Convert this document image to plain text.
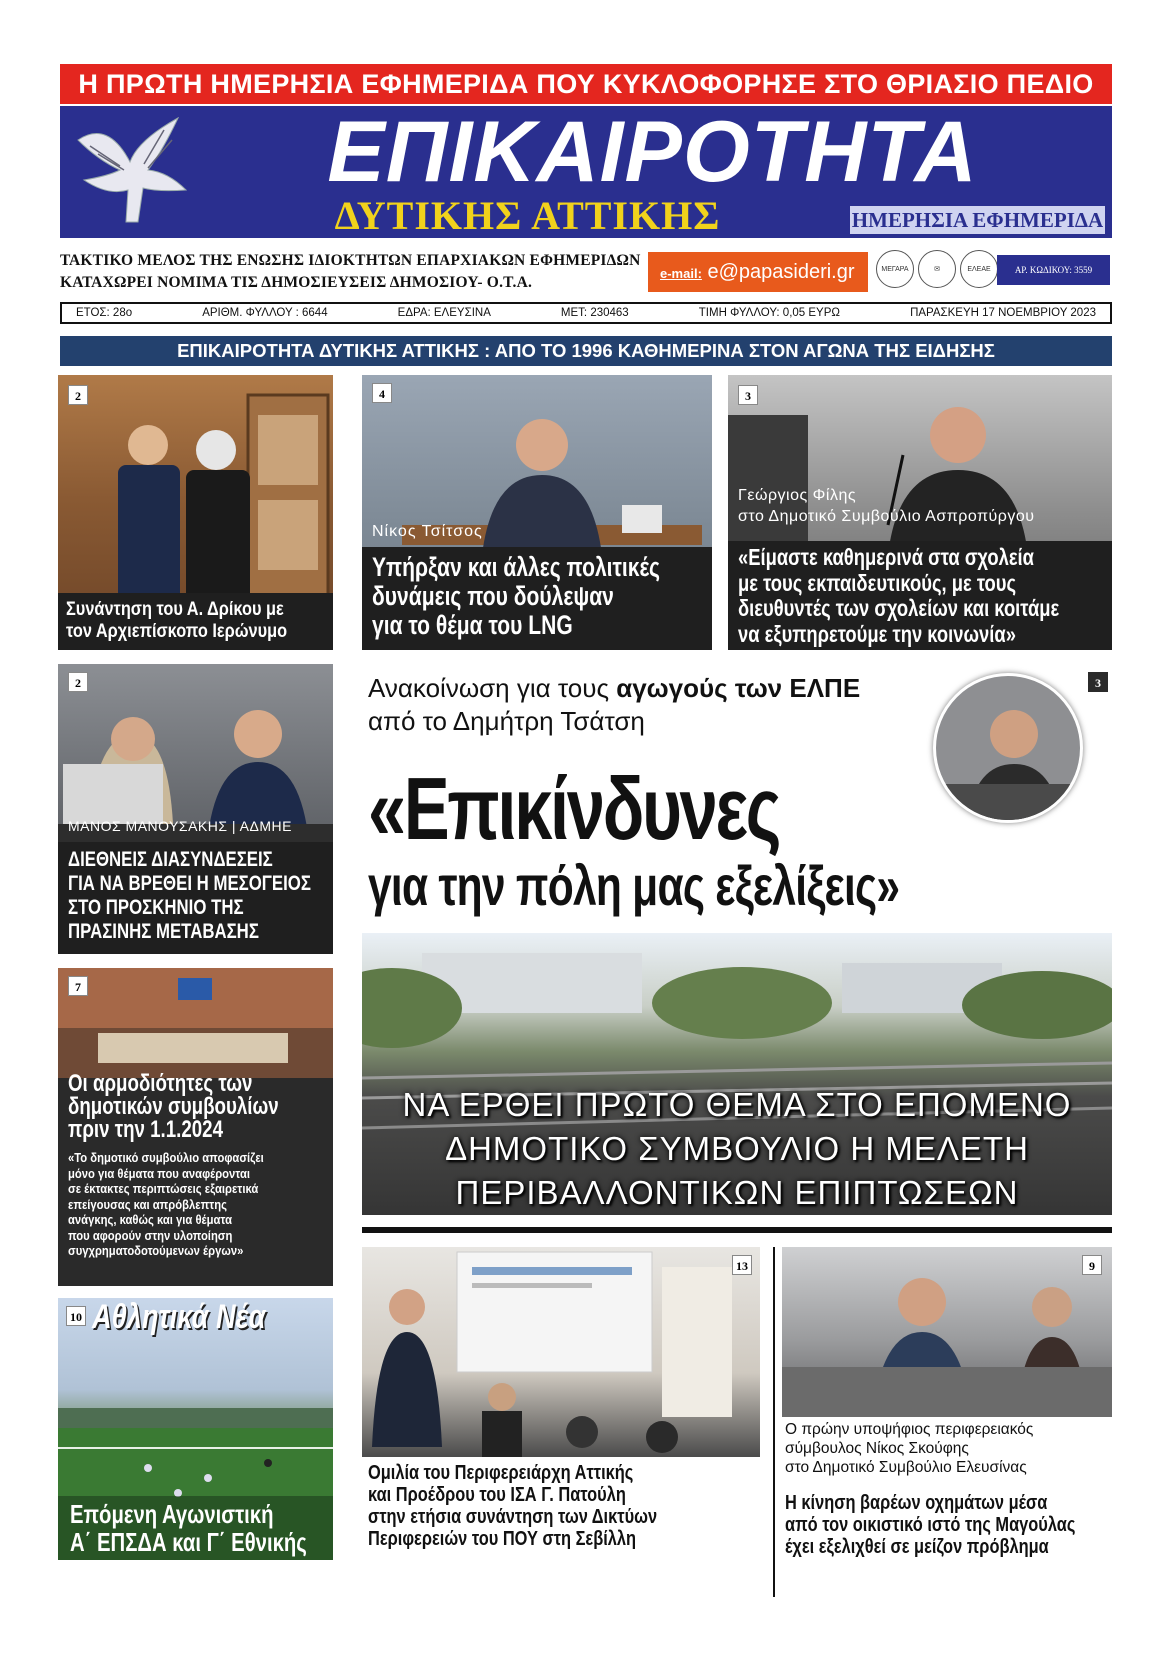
Η ΠΡΩΤΗ ΗΜΕΡΗΣΙΑ ΕΦΗΜΕΡΙΔΑ ΠΟΥ ΚΥΚΛΟΦΟΡΗΣΕ ΣΤΟ ΘΡΙΑΣΙΟ ΠΕΔΙΟ
ΕΠΙΚΑΙΡΟΤΗΤΑ
ΔΥΤΙΚΗΣ ΑΤΤΙΚΗΣ	ΗΜΕΡΗΣΙΑ ΕΦΗΜΕΡΙΔΑ
ΤΑΚΤΙΚΟ ΜΕΛΟΣ ΤΗΣ ΕΝΩΣΗΣ ΙΔΙΟΚΤΗΤΩΝ ΕΠΑΡΧΙΑΚΩΝ ΕΦΗΜΕΡΙΔΩΝ
ΚΑΤΑΧΩΡΕΙ ΝΟΜΙΜΑ ΤΙΣ ΔΗΜΟΣΙΕΥΣΕΙΣ ΔΗΜΟΣΙΟΥ- Ο.Τ.Α.
e-mail: e@papasideri.gr	ΜΕΓΑΡΑ	✉	ΕΛΕΑΕ	ΑΡ. ΚΩΔΙΚΟΥ: 3559
ΕΤΟΣ: 28ο	ΑΡΙΘΜ. ΦΥΛΛΟΥ : 6644	ΕΔΡΑ: ΕΛΕΥΣΙΝΑ	ΜΕΤ: 230463	ΤΙΜΗ ΦΥΛΛΟΥ: 0,05 ΕΥΡΩ	ΠΑΡΑΣΚΕΥΗ 17 ΝΟΕΜΒΡΙΟΥ 2023
ΕΠΙΚΑΙΡΟΤΗΤΑ ΔΥΤΙΚΗΣ ΑΤΤΙΚΗΣ : ΑΠΟ ΤΟ 1996 ΚΑΘΗΜΕΡΙΝΑ ΣΤΟΝ ΑΓΩΝΑ ΤΗΣ ΕΙΔΗΣΗΣ
2
Συνάντηση του Α. Δρίκου με
τον Αρχιεπίσκοπο Ιερώνυμο
4
Νίκος Τσίτσος
Υπήρξαν και άλλες πολιτικές
δυνάμεις που δούλεψαν
για το θέμα του LNG
3
Γεώργιος Φίλης
στο Δημοτικό Συμβούλιο Ασπροπύργου
«Είμαστε καθημερινά στα σχολεία
με τους εκπαιδευτικούς, με τους
διευθυντές των σχολείων και κοιτάμε
να εξυπηρετούμε την κοινωνία»
2
ΜΑΝΟΣ ΜΑΝΟΥΣΑΚΗΣ | ΑΔΜΗΕ
ΔΙΕΘΝΕΙΣ ΔΙΑΣΥΝΔΕΣΕΙΣ
ΓΙΑ ΝΑ ΒΡΕΘΕΙ Η ΜΕΣΟΓΕΙΟΣ
ΣΤΟ ΠΡΟΣΚΗΝΙΟ ΤΗΣ
ΠΡΑΣΙΝΗΣ ΜΕΤΑΒΑΣΗΣ
7
Οι αρμοδιότητες των
δημοτικών συμβουλίων
πριν την 1.1.2024
«Το δημοτικό συμβούλιο αποφασίζει
μόνο για θέματα που αναφέρονται
σε έκτακτες περιπτώσεις εξαιρετικά
επείγουσας και απρόβλεπτης
ανάγκης, καθώς και για θέματα
που αφορούν στην υλοποίηση
συγχρηματοδοτούμενων έργων»
10 Αθλητικά Νέα
Επόμενη Αγωνιστική
Α΄ ΕΠΣΔΑ και Γ΄ Εθνικής
Ανακοίνωση για τους αγωγούς των ΕΛΠΕ
από το Δημήτρη Τσάτση
3
«Επικίνδυνες
για την πόλη μας εξελίξεις»
ΝΑ ΕΡΘΕΙ ΠΡΩΤΟ ΘΕΜΑ ΣΤΟ ΕΠΟΜΕΝΟ
ΔΗΜΟΤΙΚΟ ΣΥΜΒΟΥΛΙΟ Η ΜΕΛΕΤΗ
ΠΕΡΙΒΑΛΛΟΝΤΙΚΩΝ ΕΠΙΠΤΩΣΕΩΝ
13
Ομιλία του Περιφερειάρχη Αττικής
και Προέδρου του ΙΣΑ Γ. Πατούλη
στην ετήσια συνάντηση των Δικτύων
Περιφερειών του ΠΟΥ στη Σεβίλλη
9
Ο πρώην υποψήφιος περιφερειακός
σύμβουλος Νίκος Σκούφης
στο Δημοτικό Συμβούλιο Ελευσίνας
Η κίνηση βαρέων οχημάτων μέσα
από τον οικιστικό ιστό της Μαγούλας
έχει εξελιχθεί σε μείζον πρόβλημα
